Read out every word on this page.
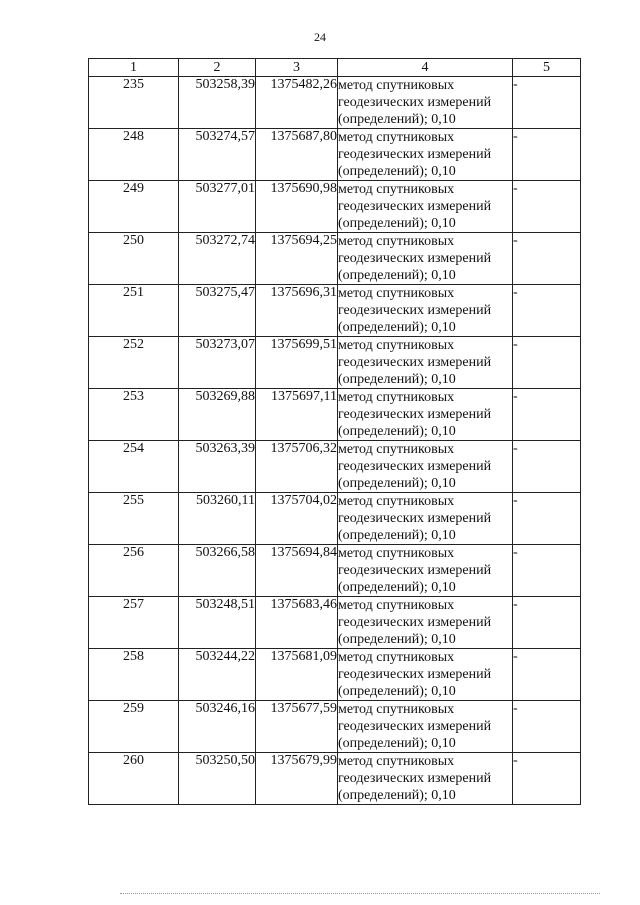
24
1	2	3	4	5
235	503258,39	1375482,26	метод спутниковых геодезических измерений (определений); 0,10	-
248	503274,57	1375687,80	метод спутниковых геодезических измерений (определений); 0,10	-
249	503277,01	1375690,98	метод спутниковых геодезических измерений (определений); 0,10	-
250	503272,74	1375694,25	метод спутниковых геодезических измерений (определений); 0,10	-
251	503275,47	1375696,31	метод спутниковых геодезических измерений (определений); 0,10	-
252	503273,07	1375699,51	метод спутниковых геодезических измерений (определений); 0,10	-
253	503269,88	1375697,11	метод спутниковых геодезических измерений (определений); 0,10	-
254	503263,39	1375706,32	метод спутниковых геодезических измерений (определений); 0,10	-
255	503260,11	1375704,02	метод спутниковых геодезических измерений (определений); 0,10	-
256	503266,58	1375694,84	метод спутниковых геодезических измерений (определений); 0,10	-
257	503248,51	1375683,46	метод спутниковых геодезических измерений (определений); 0,10	-
258	503244,22	1375681,09	метод спутниковых геодезических измерений (определений); 0,10	-
259	503246,16	1375677,59	метод спутниковых геодезических измерений (определений); 0,10	-
260	503250,50	1375679,99	метод спутниковых геодезических измерений (определений); 0,10	-
